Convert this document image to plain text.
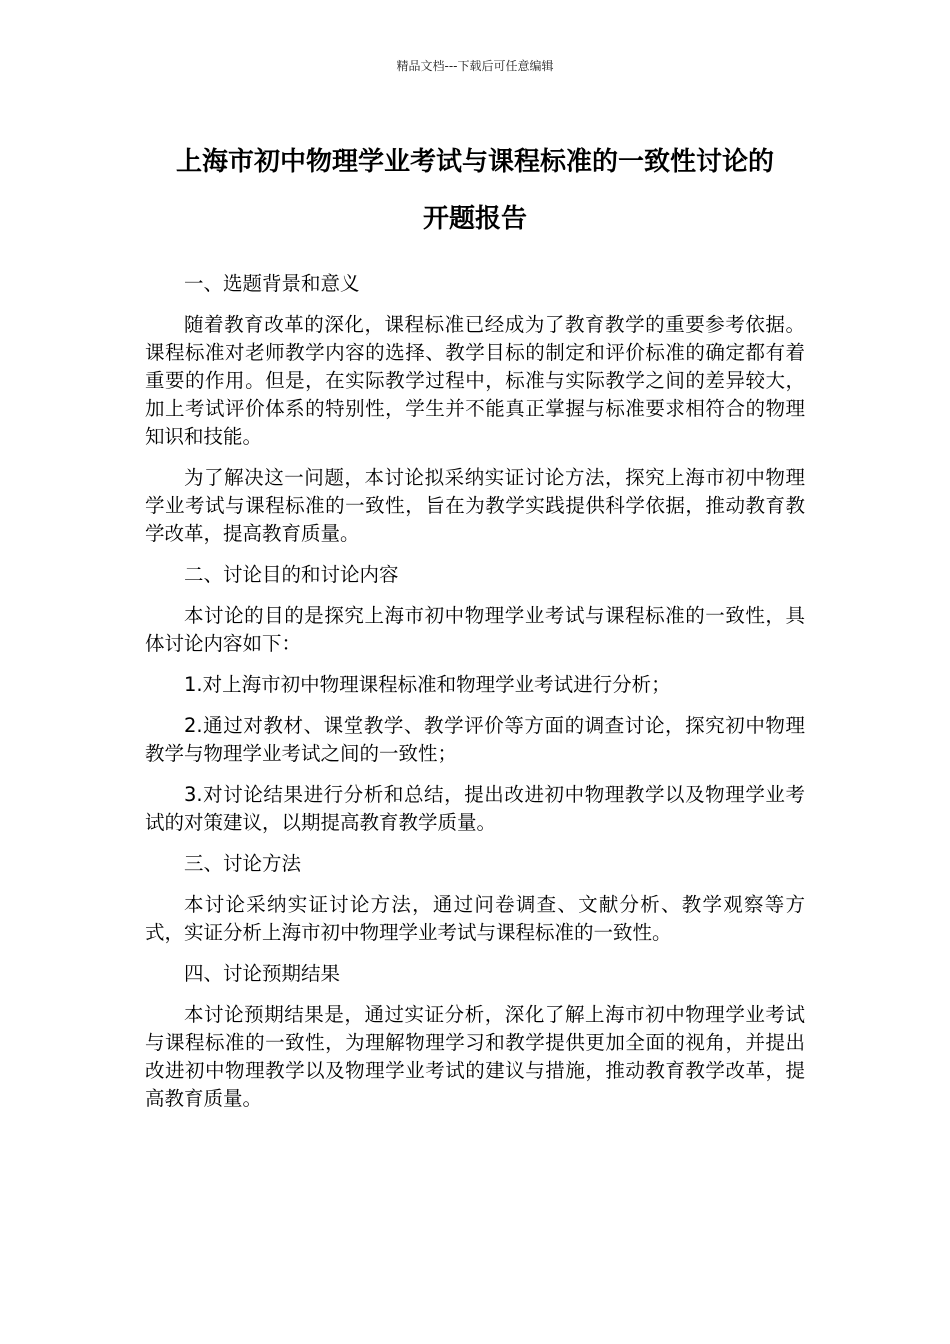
精品文档---下载后可任意编辑
上海市初中物理学业考试与课程标准的一致性讨论的
开题报告
一、选题背景和意义

随着教育改革的深化，课程标准已经成为了教育教学的重要参考依据。课程标准对老师教学内容的选择、教学目标的制定和评价标准的确定都有着重要的作用。但是，在实际教学过程中，标准与实际教学之间的差异较大，加上考试评价体系的特别性，学生并不能真正掌握与标准要求相符合的物理知识和技能。

为了解决这一问题，本讨论拟采纳实证讨论方法，探究上海市初中物理学业考试与课程标准的一致性，旨在为教学实践提供科学依据，推动教育教学改革，提高教育质量。

二、讨论目的和讨论内容

本讨论的目的是探究上海市初中物理学业考试与课程标准的一致性，具体讨论内容如下：

1.对上海市初中物理课程标准和物理学业考试进行分析；

2.通过对教材、课堂教学、教学评价等方面的调查讨论，探究初中物理教学与物理学业考试之间的一致性；

3.对讨论结果进行分析和总结，提出改进初中物理教学以及物理学业考试的对策建议，以期提高教育教学质量。

三、讨论方法

本讨论采纳实证讨论方法，通过问卷调查、文献分析、教学观察等方式，实证分析上海市初中物理学业考试与课程标准的一致性。

四、讨论预期结果

本讨论预期结果是，通过实证分析，深化了解上海市初中物理学业考试与课程标准的一致性，为理解物理学习和教学提供更加全面的视角，并提出改进初中物理教学以及物理学业考试的建议与措施，推动教育教学改革，提高教育质量。
